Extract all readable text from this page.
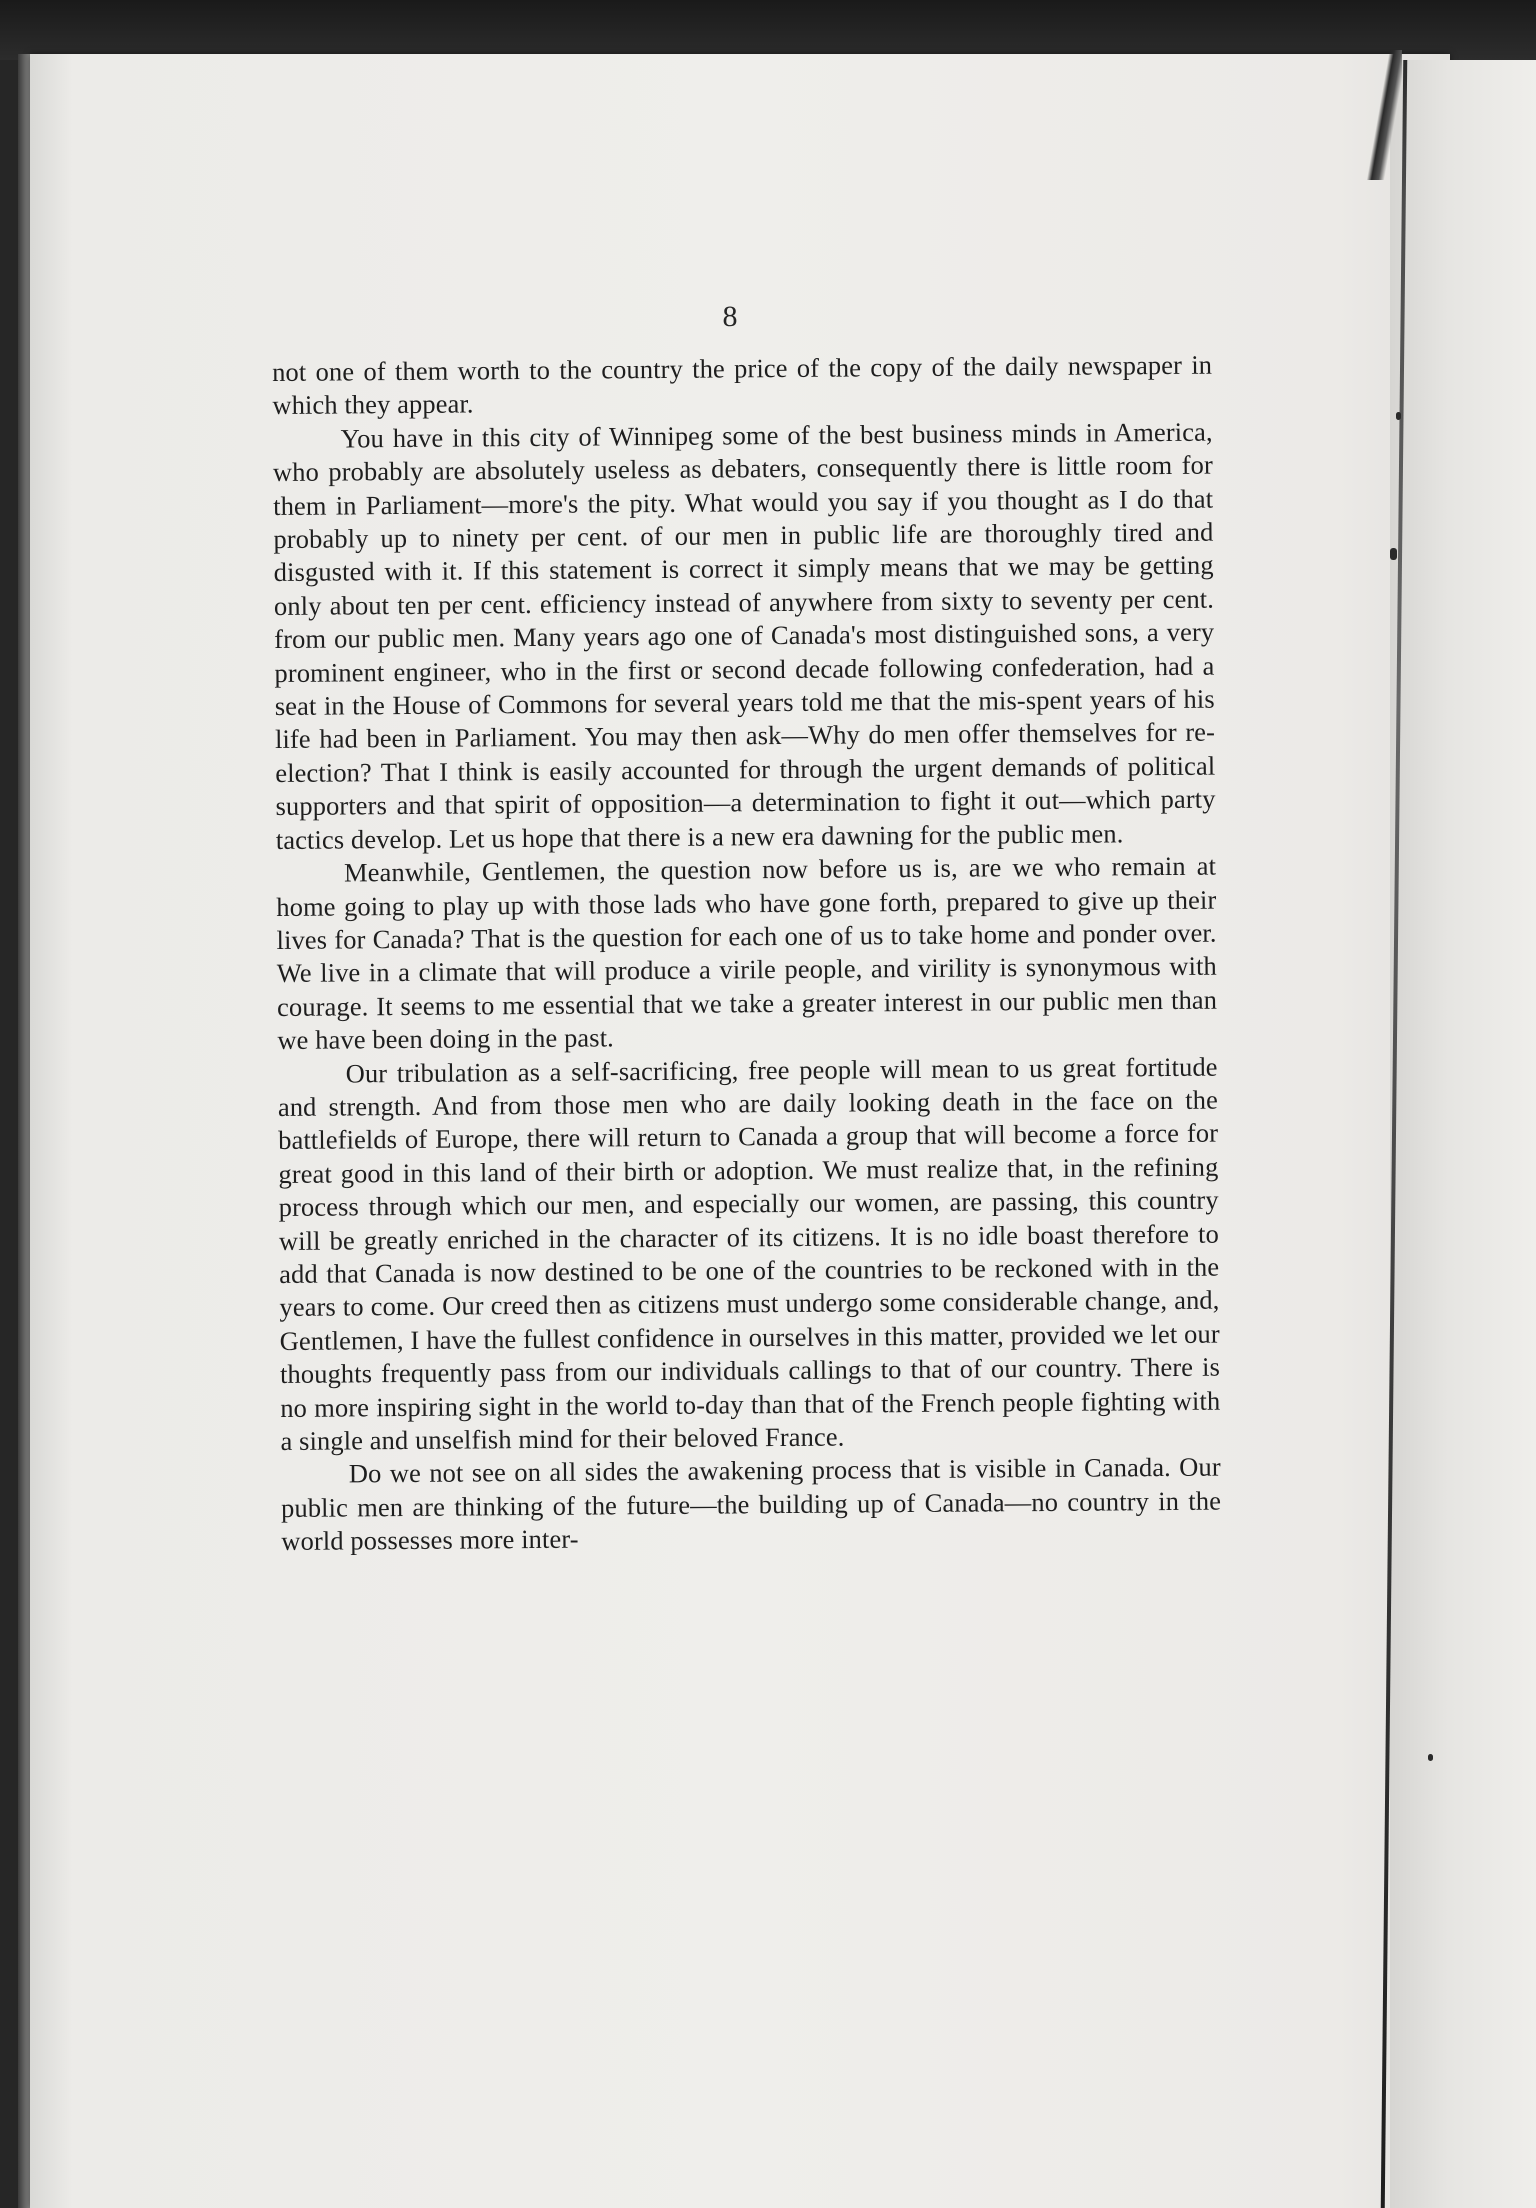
8

not one of them worth to the country the price of the copy of the daily newspaper in which they appear.

You have in this city of Winnipeg some of the best business minds in America, who probably are absolutely useless as debaters, consequently there is little room for them in Parliament—more's the pity. What would you say if you thought as I do that probably up to ninety per cent. of our men in public life are thoroughly tired and disgusted with it. If this statement is correct it simply means that we may be getting only about ten per cent. efficiency instead of anywhere from sixty to seventy per cent. from our public men. Many years ago one of Canada's most distinguished sons, a very prominent engineer, who in the first or second decade following confederation, had a seat in the House of Commons for several years told me that the mis-spent years of his life had been in Parliament. You may then ask—Why do men offer themselves for re-election? That I think is easily accounted for through the urgent demands of political supporters and that spirit of opposition—a determination to fight it out—which party tactics develop. Let us hope that there is a new era dawning for the public men.

Meanwhile, Gentlemen, the question now before us is, are we who remain at home going to play up with those lads who have gone forth, prepared to give up their lives for Canada? That is the question for each one of us to take home and ponder over. We live in a climate that will produce a virile people, and virility is synonymous with courage. It seems to me essential that we take a greater interest in our public men than we have been doing in the past.

Our tribulation as a self-sacrificing, free people will mean to us great fortitude and strength. And from those men who are daily looking death in the face on the battlefields of Europe, there will return to Canada a group that will become a force for great good in this land of their birth or adoption. We must realize that, in the refining process through which our men, and especially our women, are passing, this country will be greatly enriched in the character of its citizens. It is no idle boast therefore to add that Canada is now destined to be one of the countries to be reckoned with in the years to come. Our creed then as citizens must undergo some considerable change, and, Gentlemen, I have the fullest confidence in ourselves in this matter, provided we let our thoughts frequently pass from our individuals callings to that of our country. There is no more inspiring sight in the world to-day than that of the French people fighting with a single and unselfish mind for their beloved France.

Do we not see on all sides the awakening process that is visible in Canada. Our public men are thinking of the future—the building up of Canada—no country in the world possesses more inter-
